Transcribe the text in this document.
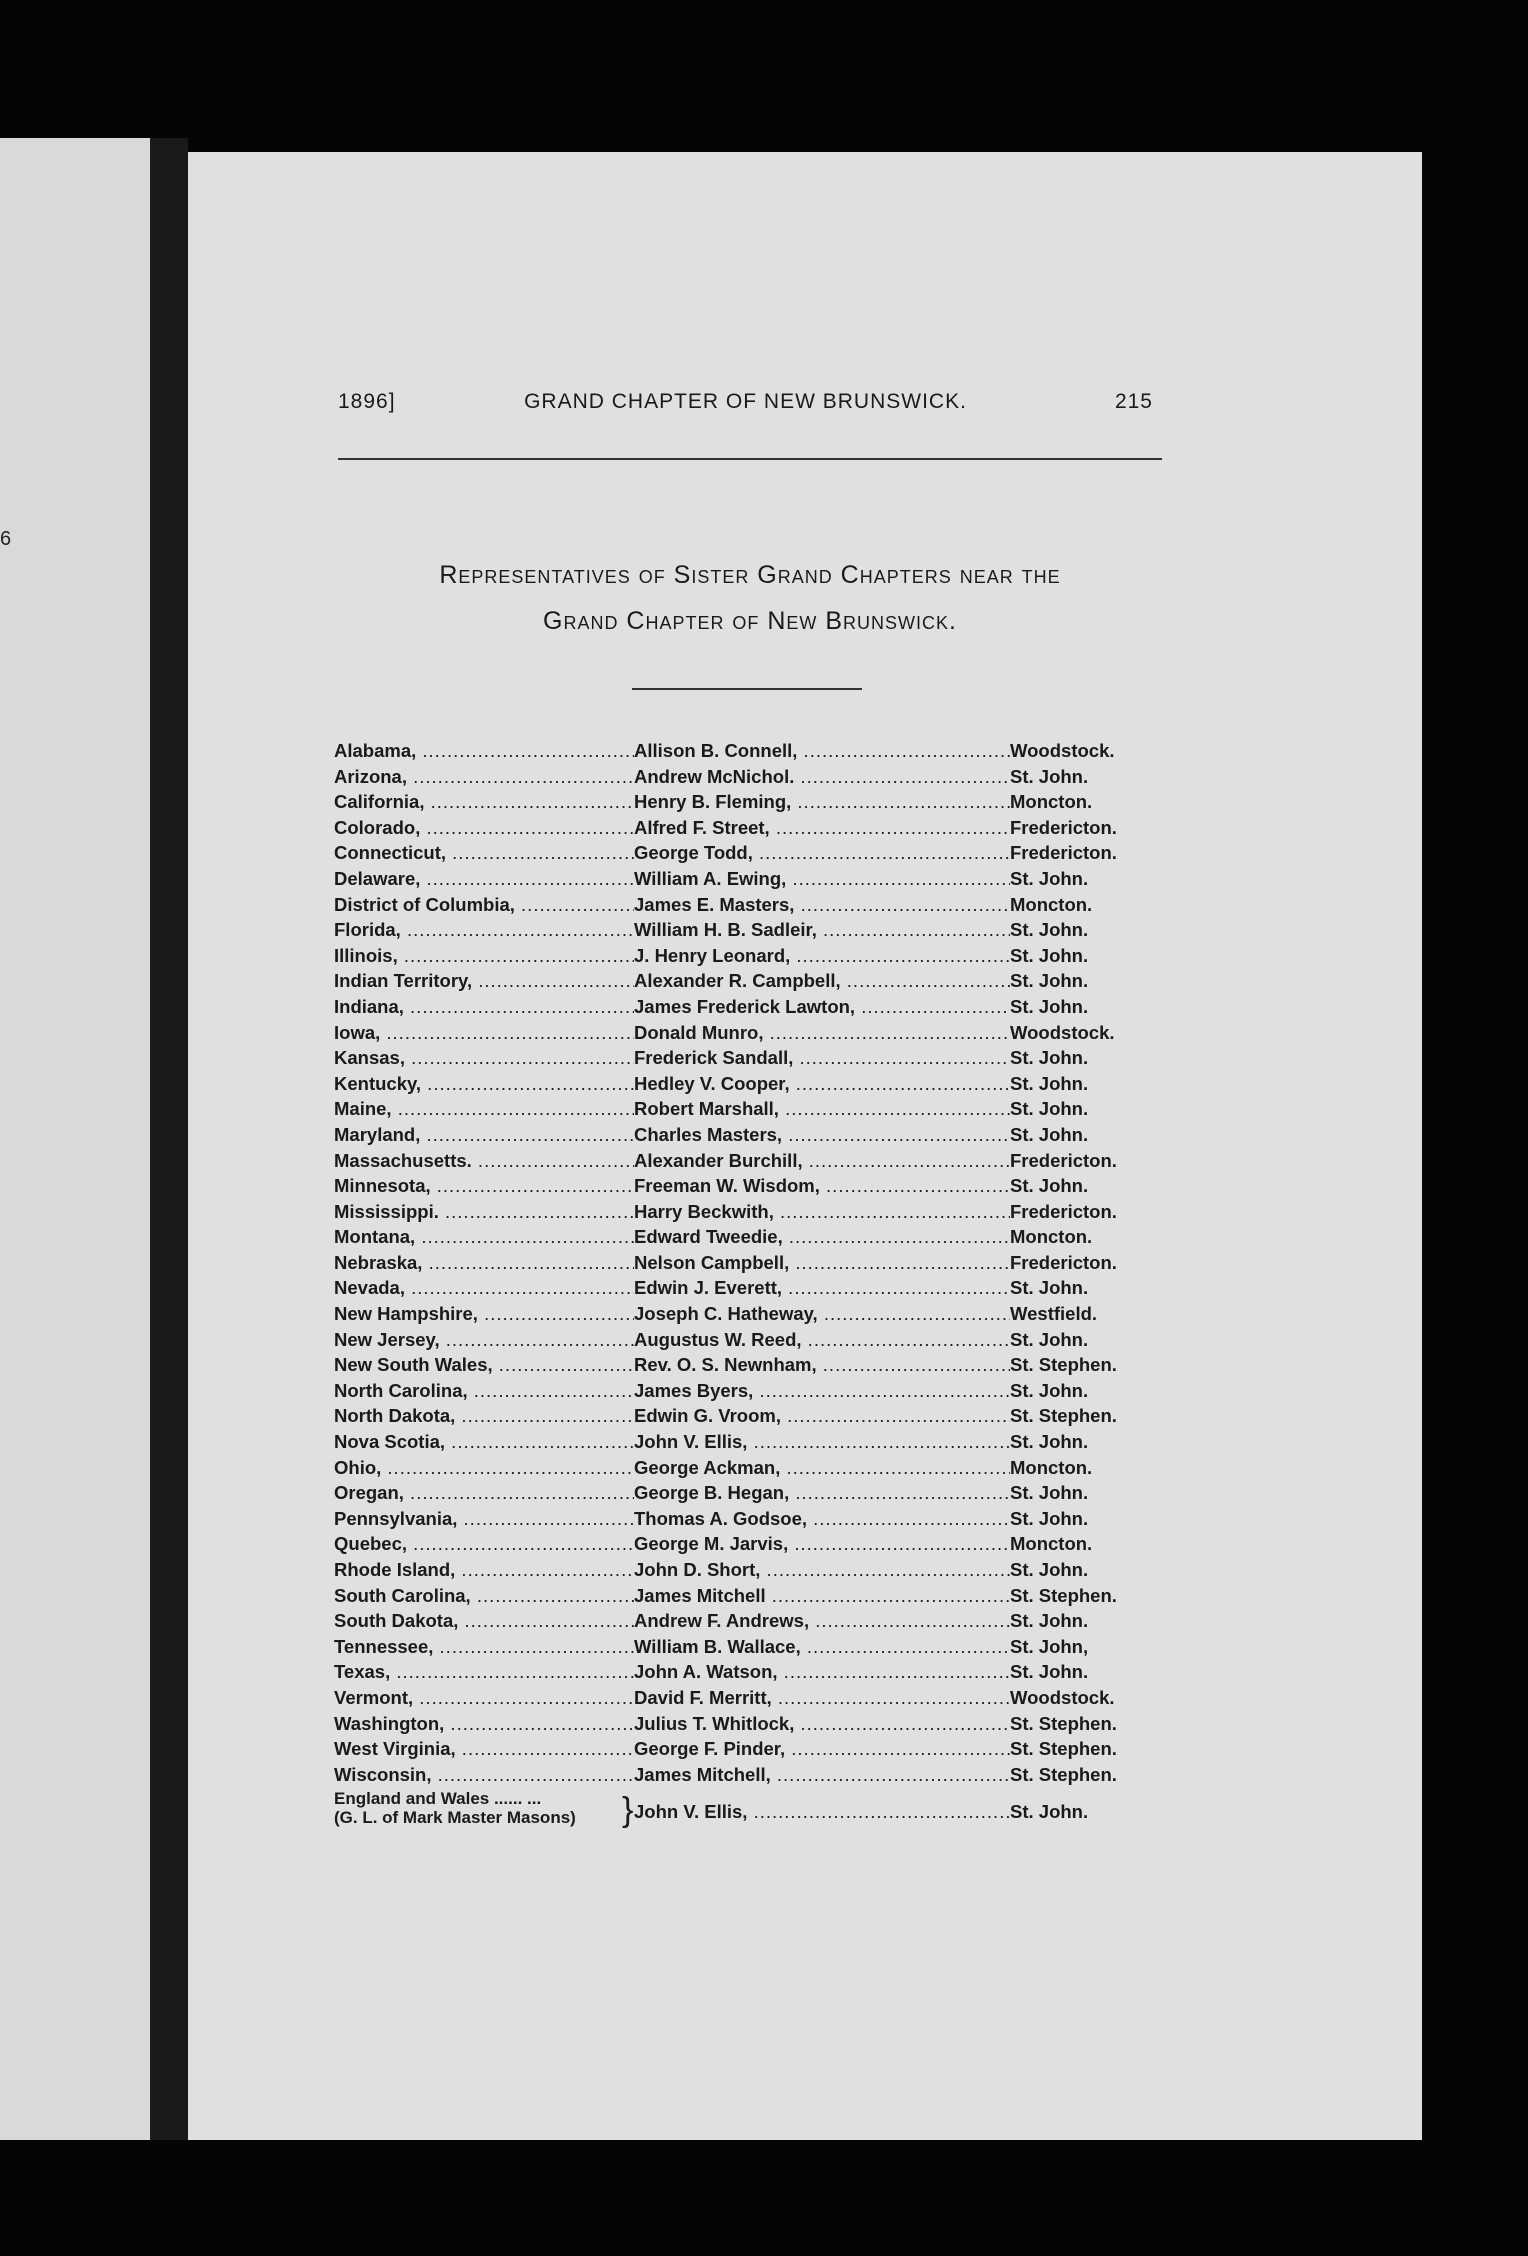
6
1896]	GRAND CHAPTER OF NEW BRUNSWICK.	215
Representatives of Sister Grand Chapters near the
Grand Chapter of New Brunswick.
Alabama, .....	Allison B. Connell, .....	Woodstock.
Arizona, .....	Andrew McNichol. .....	St. John.
California, .....	Henry B. Fleming, .....	Moncton.
Colorado, .....	Alfred F. Street, .....	Fredericton.
Connecticut, .....	George Todd, .....	Fredericton.
Delaware, .....	William A. Ewing, .....	St. John.
District of Columbia, .....	James E. Masters, .....	Moncton.
Florida, .....	William H. B. Sadleir, .....	St. John.
Illinois, .....	J. Henry Leonard, .....	St. John.
Indian Territory, .....	Alexander R. Campbell, .....	St. John.
Indiana, .....	James Frederick Lawton, .....	St. John.
Iowa, .....	Donald Munro, .....	Woodstock.
Kansas, .....	Frederick Sandall, .....	St. John.
Kentucky, .....	Hedley V. Cooper, .....	St. John.
Maine, .....	Robert Marshall, .....	St. John.
Maryland, .....	Charles Masters, .....	St. John.
Massachusetts. .....	Alexander Burchill, .....	Fredericton.
Minnesota, .....	Freeman W. Wisdom, .....	St. John.
Mississippi. .....	Harry Beckwith, .....	Fredericton.
Montana, .....	Edward Tweedie, .....	Moncton.
Nebraska, .....	Nelson Campbell, .....	Fredericton.
Nevada, .....	Edwin J. Everett, .....	St. John.
New Hampshire, .....	Joseph C. Hatheway, .....	Westfield.
New Jersey, .....	Augustus W. Reed, .....	St. John.
New South Wales, .....	Rev. O. S. Newnham, .....	St. Stephen.
North Carolina, .....	James Byers, .....	St. John.
North Dakota, .....	Edwin G. Vroom, .....	St. Stephen.
Nova Scotia, .....	John V. Ellis, .....	St. John.
Ohio, .....	George Ackman, .....	Moncton.
Oregan, .....	George B. Hegan, .....	St. John.
Pennsylvania, .....	Thomas A. Godsoe, .....	St. John.
Quebec, .....	George M. Jarvis, .....	Moncton.
Rhode Island, .....	John D. Short, .....	St. John.
South Carolina, .....	James Mitchell .....	St. Stephen.
South Dakota, .....	Andrew F. Andrews, .....	St. John.
Tennessee, .....	William B. Wallace, .....	St. John,
Texas, .....	John A. Watson, .....	St. John.
Vermont, .....	David F. Merritt, .....	Woodstock.
Washington, .....	Julius T. Whitlock, .....	St. Stephen.
West Virginia, .....	George F. Pinder, .....	St. Stephen.
Wisconsin, .....	James Mitchell, .....	St. Stephen.
England and Wales ...... ...
(G. L. of Mark Master Masons)	} John V. Ellis, .....	St. John.
